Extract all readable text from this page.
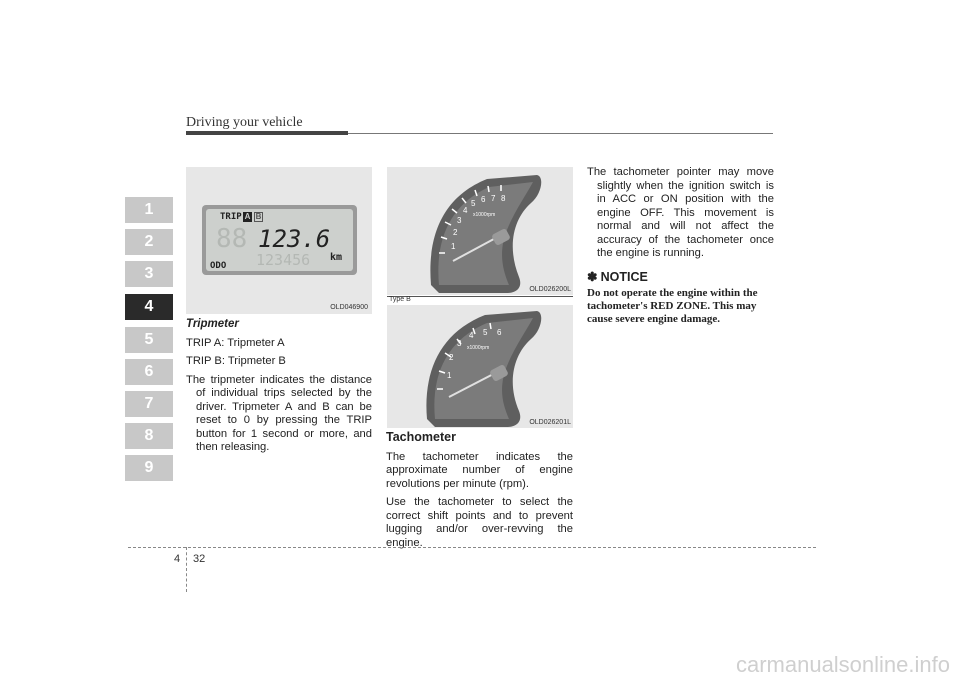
Driving your vehicle
1
2
3
4
5
6
7
8
9
88
123456
TRIP A B
123.6
km
ODO
OLD046900
1
2
3
4
5 6 7 8
x1000rpm
OLD026200L
Type B
1
2
3
4 5 6
x1000rpm
OLD026201L

Tripmeter

TRIP A: Tripmeter A

TRIP B: Tripmeter B

The tripmeter indicates the distance of individual trips selected by the driver. Tripmeter A and B can be reset to 0 by pressing the TRIP button for 1 second or more, and then releasing.

Tachometer

The tachometer indicates the approximate number of engine revolutions per minute (rpm).

Use the tachometer to select the correct shift points and to prevent lugging and/or over-revving the engine.

The tachometer pointer may move slightly when the ignition switch is in ACC or ON position with the engine OFF. This movement is normal and will not affect the accuracy of the tachometer once the engine is running.

✽ NOTICE
Do not operate the engine within the tachometer's RED ZONE. This may cause severe engine damage.
4 32
carmanualsonline.info
